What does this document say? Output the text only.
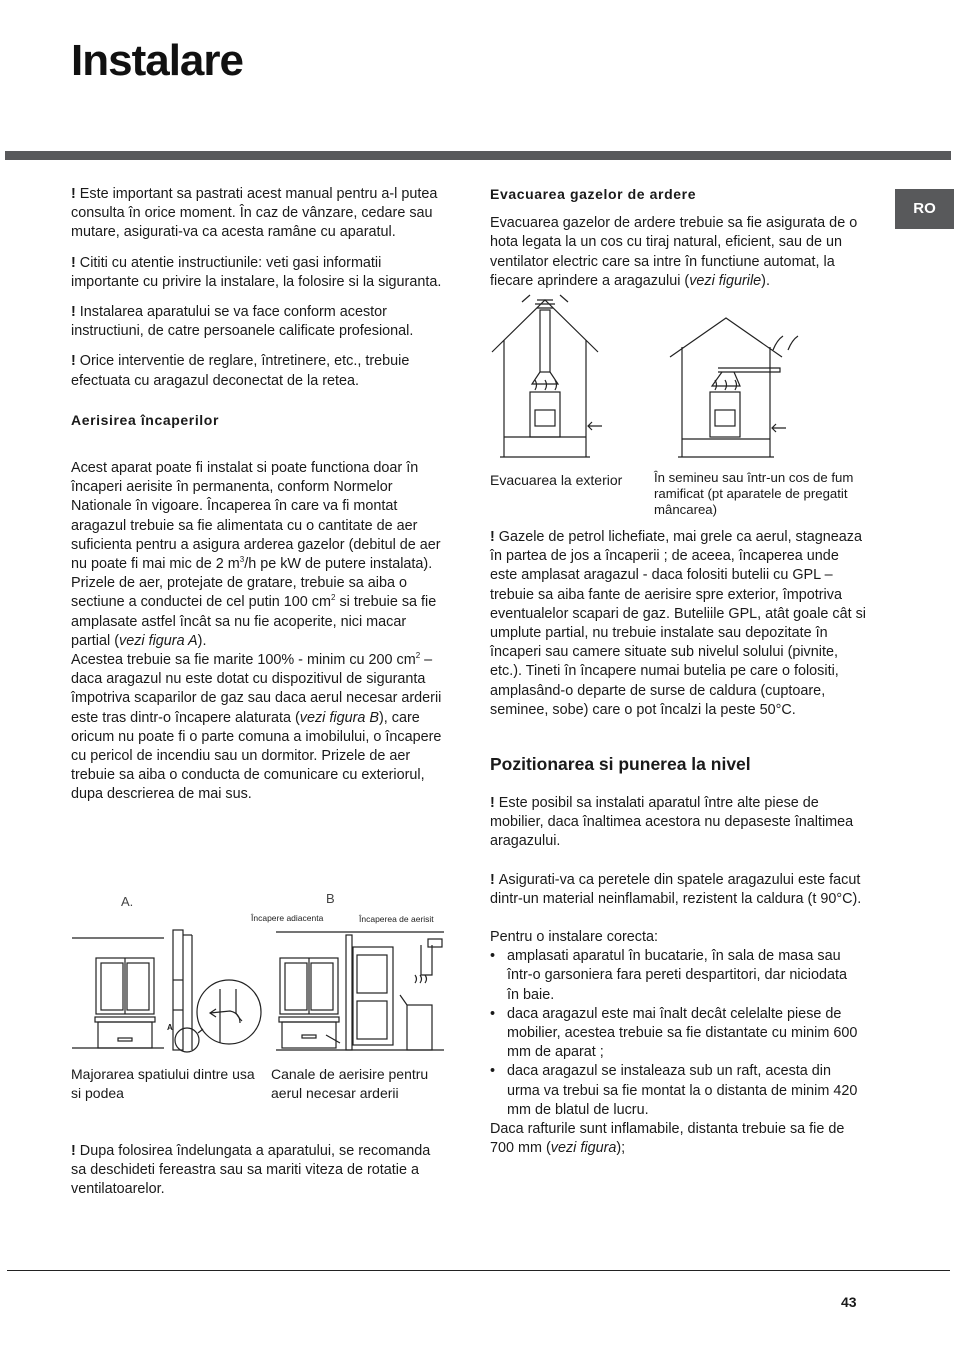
Instalare
RO

! Este important sa pastrati acest manual pentru a-l putea consulta în orice moment. În caz de vânzare, cedare sau mutare, asigurati-va ca acesta ramâne cu aparatul.

! Cititi cu atentie instructiunile: veti gasi informatii importante cu privire la instalare, la folosire si la siguranta.

! Instalarea aparatului se va face conform acestor instructiuni, de catre persoanele calificate profesional.

! Orice interventie de reglare, întretinere, etc., trebuie efectuata cu aragazul deconectat de la retea.

Aerisirea încaperilor

Acest aparat poate fi instalat si poate functiona doar în încaperi aerisite în permanenta, conform Normelor Nationale în vigoare. Încaperea în care va fi montat aragazul trebuie sa fie alimentata cu o cantitate de aer suficienta pentru a asigura arderea gazelor (debitul de aer nu poate fi mai mic de 2 $m^3/h$ pe kW de putere instalata).
Prizele de aer, protejate de gratare, trebuie sa aiba o sectiune a conductei de cel putin 100 $cm^2$ si trebuie sa fie amplasate astfel încât sa nu fie acoperite, nici macar partial (vezi figura A).
Acestea trebuie sa fie marite 100% - minim cu 200 $cm^2$ – daca aragazul nu este dotat cu dispozitivul de siguranta împotriva scaparilor de gaz sau daca aerul necesar arderii este tras dintr-o încapere alaturata (vezi figura B), care oricum nu poate fi o parte comuna a imobilului, o încapere cu pericol de incendiu sau un dormitor. Prizele de aer trebuie sa aiba o conducta de comunicare cu exteriorul, dupa descrierea de mai sus.
A.	B
Încapere adiacenta	Încaperea de aerisit
A
Majorarea spatiului dintre usa si podea
Canale de aerisire pentru aerul necesar arderii
! Dupa folosirea îndelungata a aparatului, se recomanda sa deschideti fereastra sau sa mariti viteza de rotatie a ventilatoarelor.

Evacuarea gazelor de ardere

Evacuarea gazelor de ardere trebuie sa fie asigurata de o hota legata la un cos cu tiraj natural, eficient, sau de un ventilator electric care sa intre în functiune automat, la fiecare aprindere a aragazului (vezi figurile).

Evacuarea la exterior	În semineu sau într-un cos de fum ramificat (pt aparatele de pregatit mâncarea)
! Gazele de petrol lichefiate, mai grele ca aerul, stagneaza în partea de jos a încaperii ; de aceea, încaperea unde este amplasat aragazul - daca folositi butelii cu GPL – trebuie sa aiba fante de aerisire spre exterior, împotriva eventualelor scapari de gaz. Buteliile GPL, atât goale cât si umplute partial, nu trebuie instalate sau depozitate în încaperi sau camere situate sub nivelul solului (pivnite, etc.). Tineti în încapere numai butelia pe care o folositi, amplasând-o departe de surse de caldura (cuptoare, seminee, sobe) care o pot încalzi la peste 50°C.
Pozitionarea si punerea la nivel
! Este posibil sa instalati aparatul între alte piese de mobilier, daca înaltimea acestora nu depaseste înaltimea aragazului.
! Asigurati-va ca peretele din spatele aragazului este facut dintr-un material neinflamabil, rezistent la caldura (t 90°C).
Pentru o instalare corecta:
• amplasati aparatul în bucatarie, în sala de masa sau într-o garsoniera fara pereti despartitori, dar niciodata în baie.
• daca aragazul este mai înalt decât celelalte piese de mobilier, acestea trebuie sa fie distantate cu minim 600 mm de aparat ;
• daca aragazul se instaleaza sub un raft, acesta din urma va trebui sa fie montat la o distanta de minim 420 mm de blatul de lucru.
Daca rafturile sunt inflamabile, distanta trebuie sa fie de 700 mm (vezi figura);
43
